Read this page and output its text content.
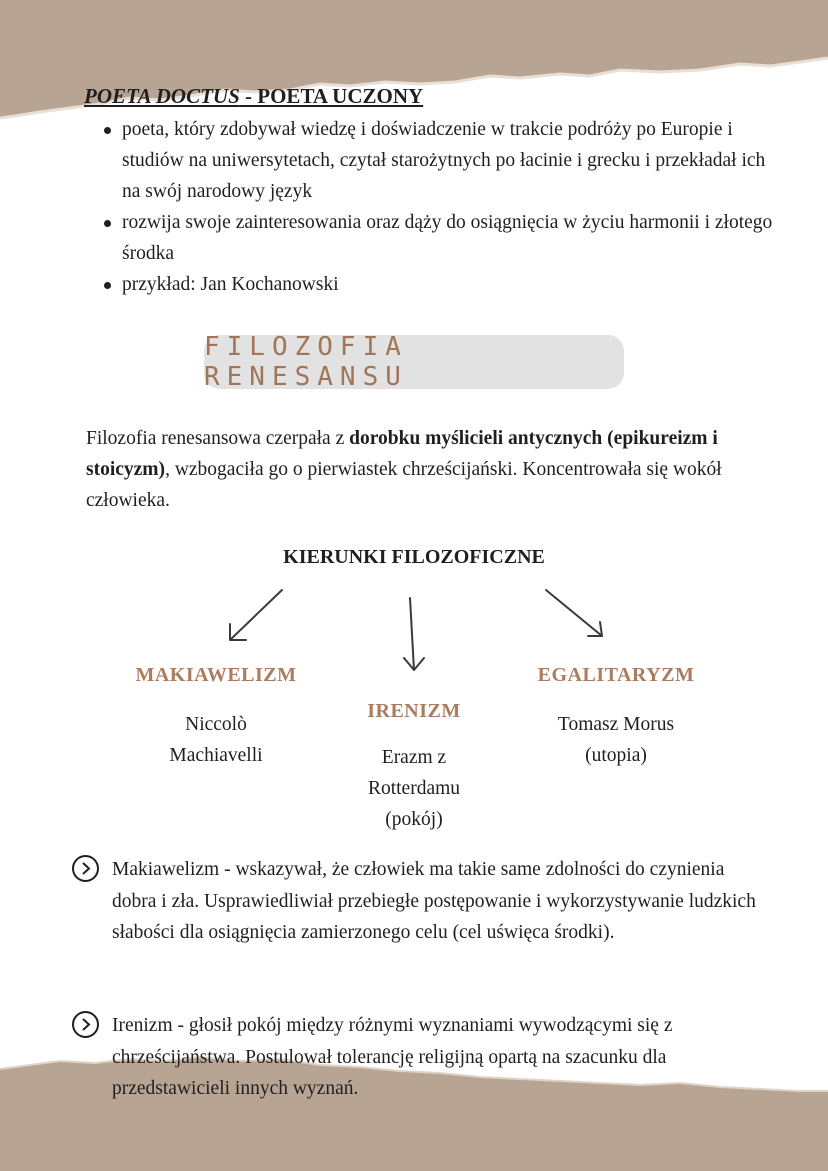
POETA DOCTUS - POETA UCZONY
poeta, który zdobywał wiedzę i doświadczenie w trakcie podróży po Europie i studiów na uniwersytetach, czytał starożytnych po łacinie i grecku i przekładał ich na swój narodowy język
rozwija swoje zainteresowania oraz dąży do osiągnięcia w życiu harmonii i złotego środka
przykład: Jan Kochanowski
FILOZOFIA RENESANSU
Filozofia renesansowa czerpała z dorobku myślicieli antycznych (epikureizm i stoicyzm), wzbogaciła go o pierwiastek chrześcijański. Koncentrowała się wokół człowieka.
KIERUNKI FILOZOFICZNE
MAKIAWELIZM
Niccolò
Machiavelli
IRENIZM
Erazm z
Rotterdamu
(pokój)
EGALITARYZM
Tomasz Morus
(utopia)
Makiawelizm - wskazywał, że człowiek ma takie same zdolności do czynienia dobra i zła. Usprawiedliwiał przebiegłe postępowanie i wykorzystywanie ludzkich słabości dla osiągnięcia zamierzonego celu (cel uświęca środki).
Irenizm - głosił pokój między różnymi wyznaniami wywodzącymi się z chrześcijaństwa. Postulował tolerancję religijną opartą na szacunku dla przedstawicieli innych wyznań.
